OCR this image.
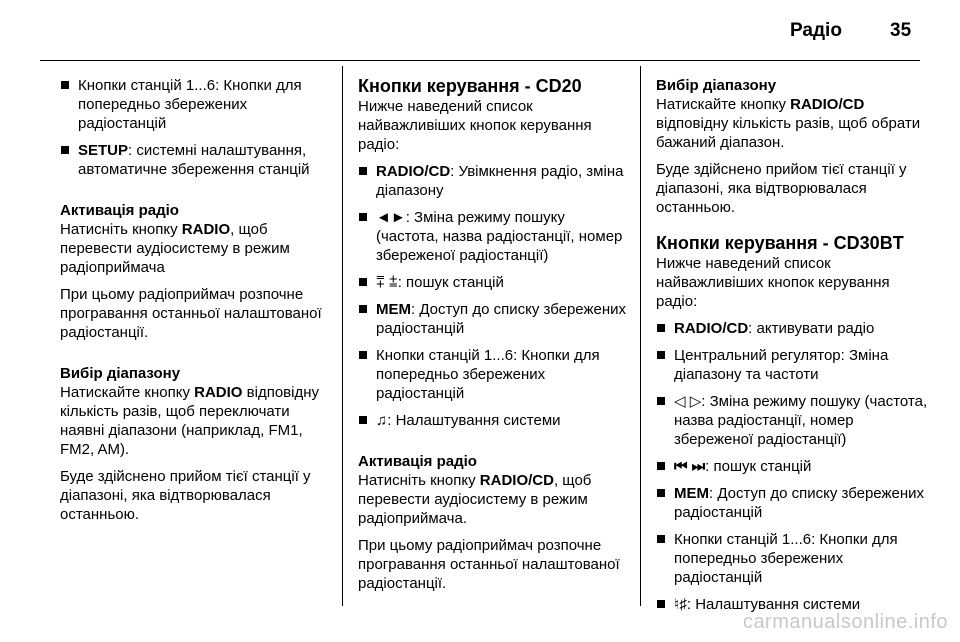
Радіо	35
Кнопки станцій 1...6: Кнопки для попередньо збережених радіостанцій
SETUP: системні налаштування, автоматичне збереження станцій
Активація радіо
Натисніть кнопку RADIO, щоб перевести аудіосистему в режим радіоприймача
При цьому радіоприймач розпочне програвання останньої налаштованої радіостанції.
Вибір діапазону
Натискайте кнопку RADIO відповідну кількість разів, щоб переключати наявні діапазони (наприклад, FM1, FM2, AM).
Буде здійснено прийом тієї станції у діапазоні, яка відтворювалася останньою.
Кнопки керування - CD20
Нижче наведений список найважливіших кнопок керування радіо:
RADIO/CD: Увімкнення радіо, зміна діапазону
◄►: Зміна режиму пошуку (частота, назва радіостанції, номер збереженої радіостанції)
⩱ ⩲: пошук станцій
MEM: Доступ до списку збережених радіостанцій
Кнопки станцій 1...6: Кнопки для попередньо збережених радіостанцій
♫: Налаштування системи
Активація радіо
Натисніть кнопку RADIO/CD, щоб перевести аудіосистему в режим радіоприймача.
При цьому радіоприймач розпочне програвання останньої налаштованої радіостанції.
Вибір діапазону
Натискайте кнопку RADIO/CD відповідну кількість разів, щоб обрати бажаний діапазон.
Буде здійснено прийом тієї станції у діапазоні, яка відтворювалася останньою.
Кнопки керування - CD30BT
Нижче наведений список найважливіших кнопок керування радіо:
RADIO/CD: активувати радіо
Центральний регулятор: Зміна діапазону та частоти
◁ ▷: Зміна режиму пошуку (частота, назва радіостанції, номер збереженої радіостанції)
⏮ ⏭: пошук станцій
MEM: Доступ до списку збережених радіостанцій
Кнопки станцій 1...6: Кнопки для попередньо збережених радіостанцій
♮♯: Налаштування системи
carmanualsonline.info
